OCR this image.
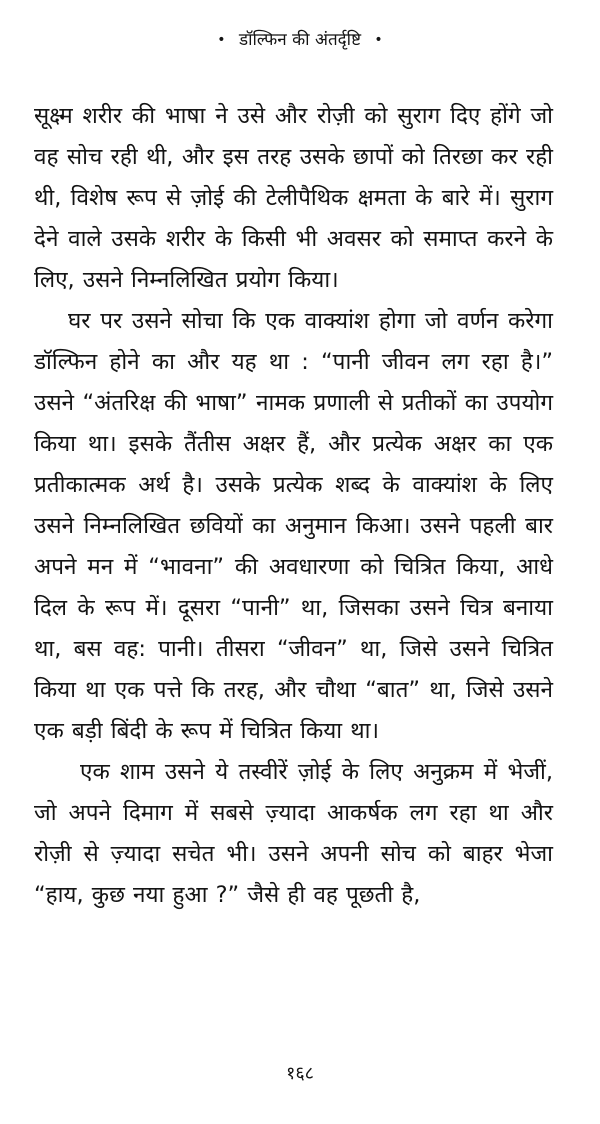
• डॉल्फिन की अंतर्दृष्टि •

सूक्ष्म शरीर की भाषा ने उसे और रोज़ी को सुराग दिए होंगे जो वह सोच रही थी, और इस तरह उसके छापों को तिरछा कर रही थी, विशेष रूप से ज़ोई की टेलीपैथिक क्षमता के बारे में। सुराग देने वाले उसके शरीर के किसी भी अवसर को समाप्त करने के लिए, उसने निम्नलिखित प्रयोग किया।

घर पर उसने सोचा कि एक वाक्यांश होगा जो वर्णन करेगा डॉल्फिन होने का और यह था : “पानी जीवन लग रहा है।” उसने “अंतरिक्ष की भाषा” नामक प्रणाली से प्रतीकों का उपयोग किया था। इसके तैंतीस अक्षर हैं, और प्रत्येक अक्षर का एक प्रतीकात्मक अर्थ है। उसके प्रत्येक शब्द के वाक्यांश के लिए उसने निम्नलिखित छवियों का अनुमान किआ। उसने पहली बार अपने मन में “भावना” की अवधारणा को चित्रित किया, आधे दिल के रूप में। दूसरा “पानी” था, जिसका उसने चित्र बनाया था, बस वह: पानी। तीसरा “जीवन” था, जिसे उसने चित्रित किया था एक पत्ते कि तरह, और चौथा “बात” था, जिसे उसने एक बड़ी बिंदी के रूप में चित्रित किया था।

एक शाम उसने ये तस्वीरें ज़ोई के लिए अनुक्रम में भेजीं, जो अपने दिमाग में सबसे ज़्यादा आकर्षक लग रहा था और रोज़ी से ज़्यादा सचेत भी। उसने अपनी सोच को बाहर भेजा “हाय, कुछ नया हुआ ?” जैसे ही वह पूछती है,

१६८
